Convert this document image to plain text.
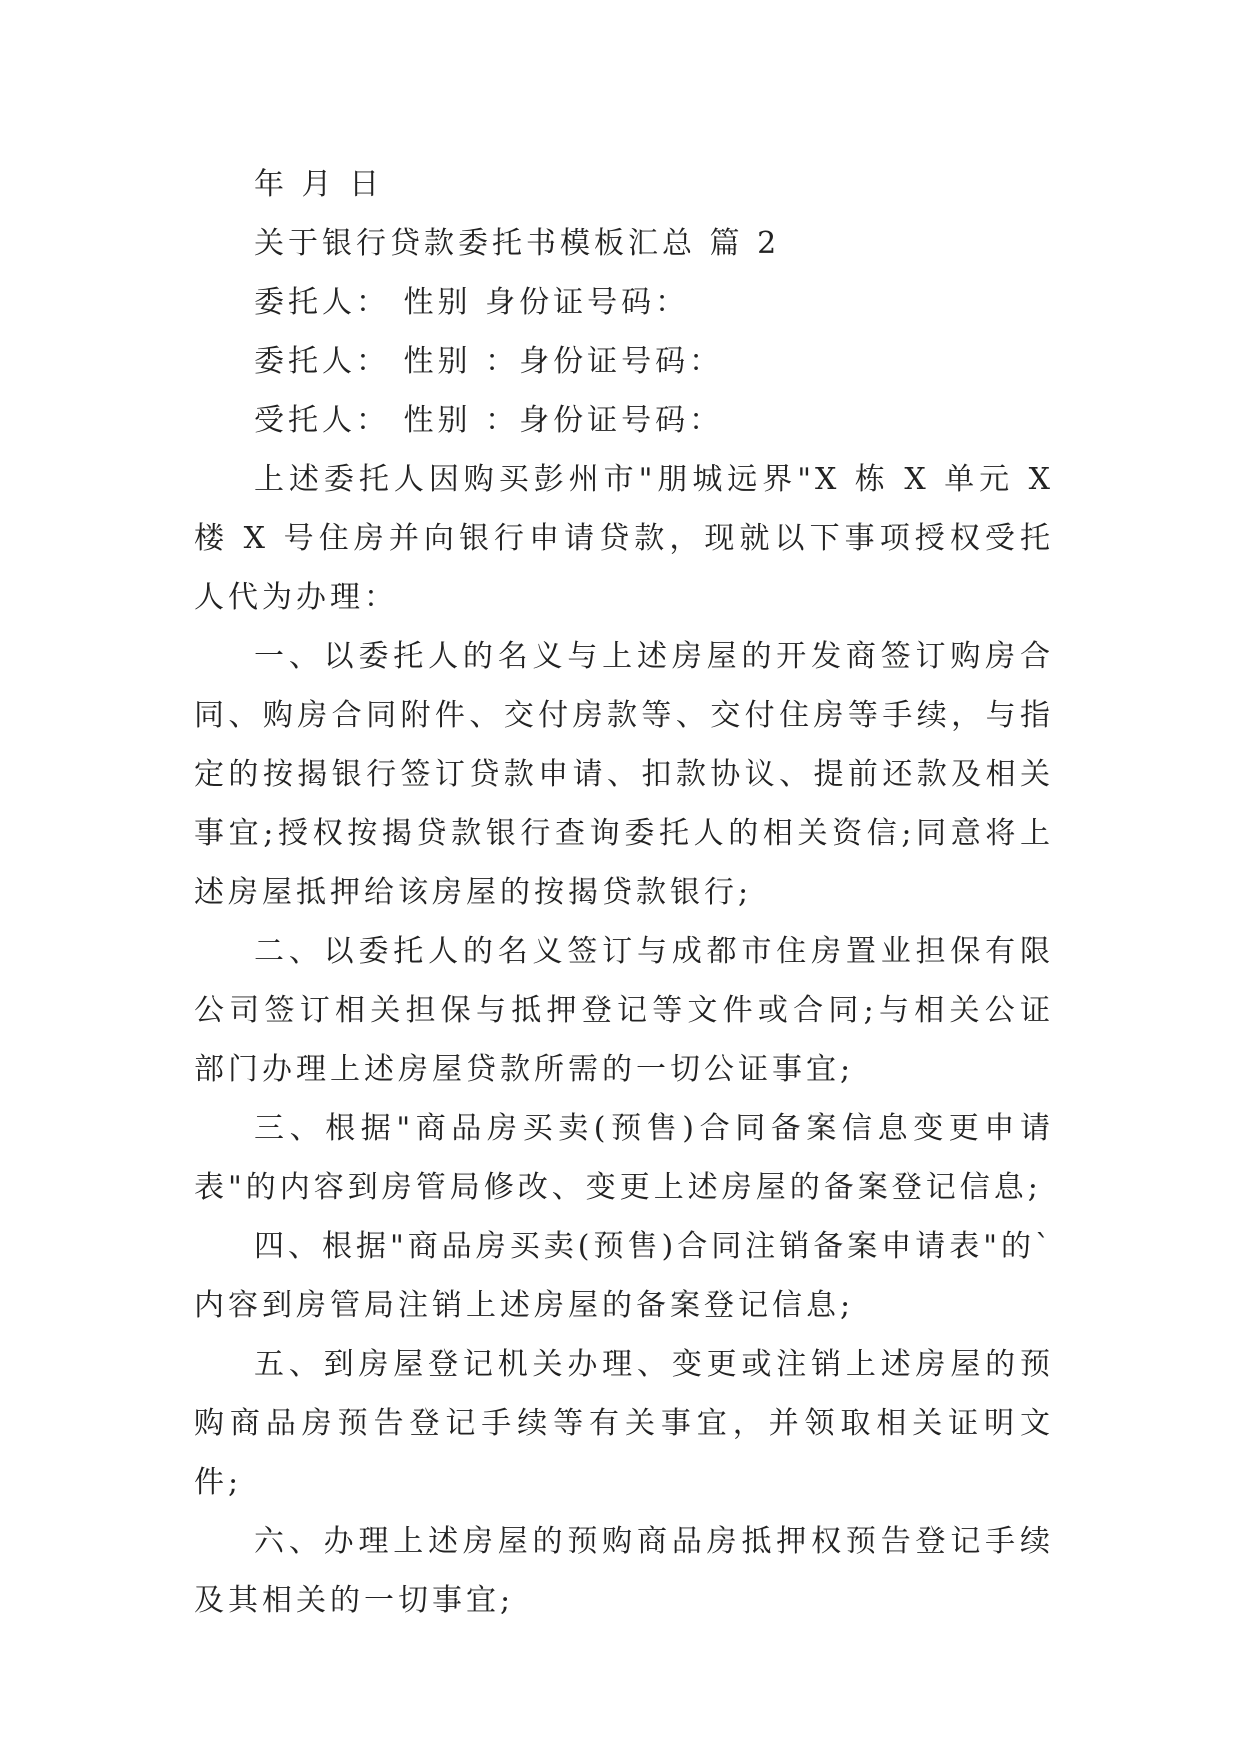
年 月 日

关于银行贷款委托书模板汇总 篇 2

委托人： 性别 身份证号码：

委托人： 性别 ：身份证号码：

受托人： 性别 ：身份证号码：

上述委托人因购买彭州市"朋城远界"X 栋 X 单元 X 楼 X 号住房并向银行申请贷款，现就以下事项授权受托人代为办理：

一、以委托人的名义与上述房屋的开发商签订购房合同、购房合同附件、交付房款等、交付住房等手续，与指定的按揭银行签订贷款申请、扣款协议、提前还款及相关事宜;授权按揭贷款银行查询委托人的相关资信;同意将上述房屋抵押给该房屋的按揭贷款银行;

二、以委托人的名义签订与成都市住房置业担保有限公司签订相关担保与抵押登记等文件或合同;与相关公证部门办理上述房屋贷款所需的一切公证事宜;

三、根据"商品房买卖(预售)合同备案信息变更申请表"的内容到房管局修改、变更上述房屋的备案登记信息;

四、根据"商品房买卖(预售)合同注销备案申请表"的`内容到房管局注销上述房屋的备案登记信息;

五、到房屋登记机关办理、变更或注销上述房屋的预购商品房预告登记手续等有关事宜，并领取相关证明文件;

六、办理上述房屋的预购商品房抵押权预告登记手续及其相关的一切事宜;
